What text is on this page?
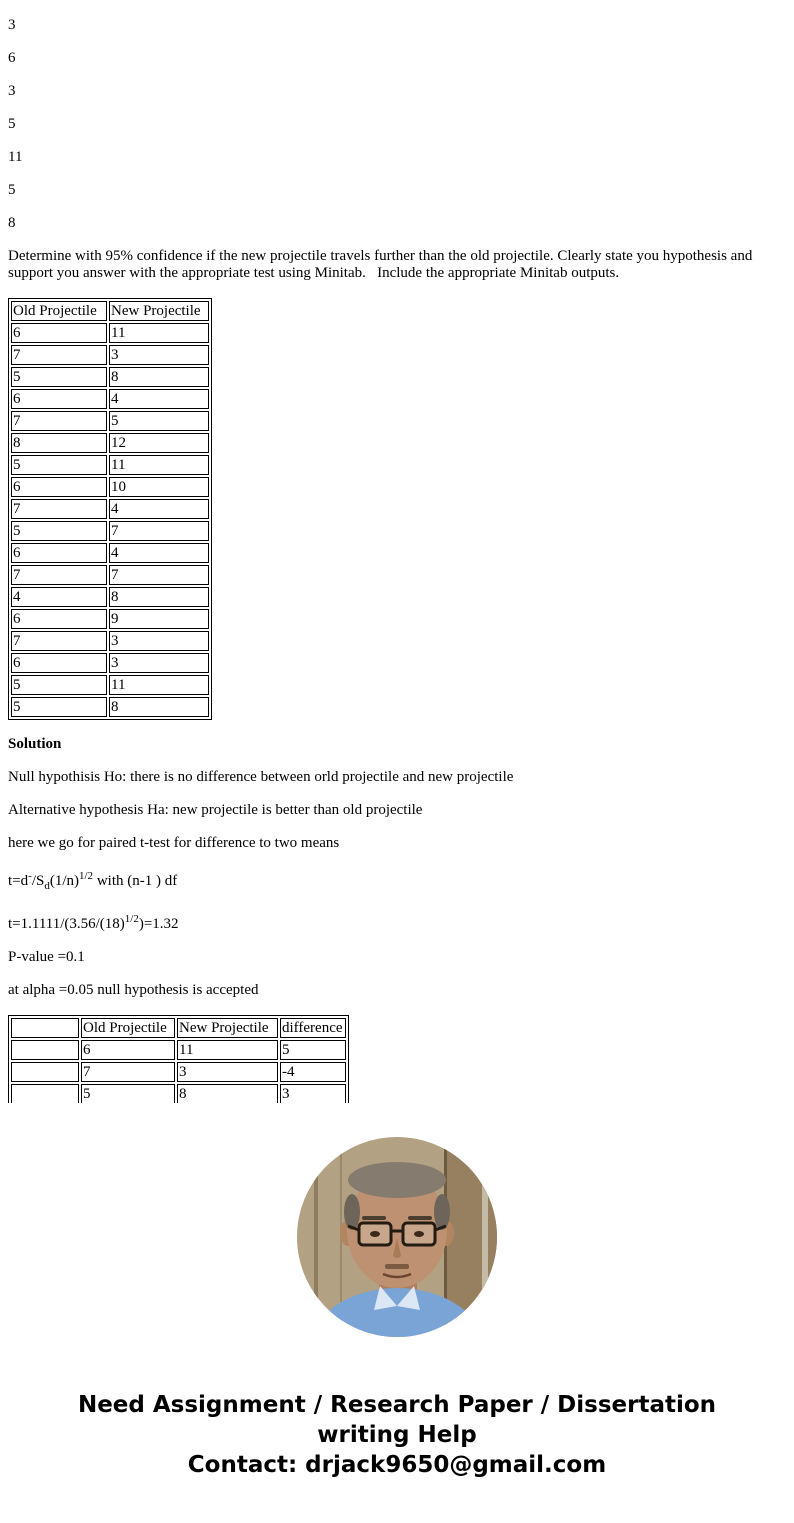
3

6

3

5

11

5

8

Determine with 95% confidence if the new projectile travels further than the old projectile. Clearly state you hypothesis and support you answer with the appropriate test using Minitab.   Include the appropriate Minitab outputs.

Old Projectile	New Projectile
6	11
7	3
5	8
6	4
7	5
8	12
5	11
6	10
7	4
5	7
6	4
7	7
4	8
6	9
7	3
6	3
5	11
5	8

Solution

Null hypothisis Ho: there is no difference between orld projectile and new projectile

Alternative hypothesis Ha: new projectile is better than old projectile

here we go for paired t-test for difference to two means

$t=d^-/S_d(1/n)^{1/2}$ with (n-1 ) df

$t=1.1111/(3.56/(18)^{1/2})=1.32$

P-value =0.1

at alpha =0.05 null hypothesis is accepted

	Old Projectile	New Projectile	difference
	6	11	5
	7	3	-4
	5	8	3
Need Assignment / Research Paper / Dissertation
writing Help
Contact: drjack9650@gmail.com
